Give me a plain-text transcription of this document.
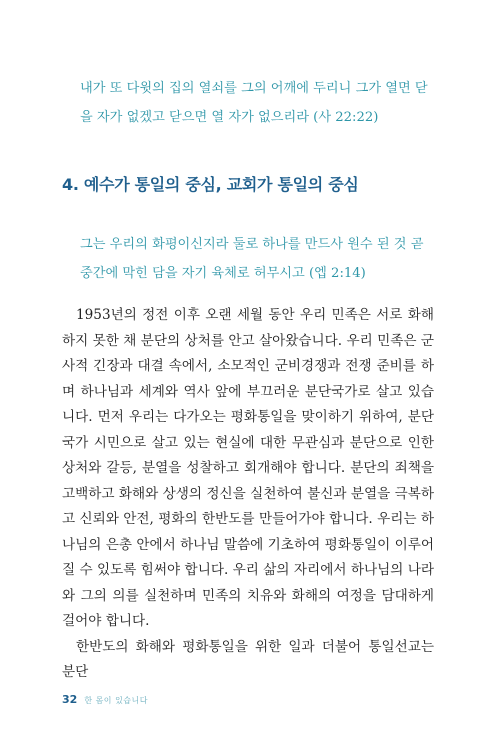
내가 또 다윗의 집의 열쇠를 그의 어깨에 두리니 그가 열면 닫을 자가 없겠고 닫으면 열 자가 없으리라 (사 22:22)

4. 예수가 통일의 중심, 교회가 통일의 중심

그는 우리의 화평이신지라 둘로 하나를 만드사 원수 된 것 곧 중간에 막힌 담을 자기 육체로 허무시고 (엡 2:14)

1953년의 정전 이후 오랜 세월 동안 우리 민족은 서로 화해하지 못한 채 분단의 상처를 안고 살아왔습니다. 우리 민족은 군사적 긴장과 대결 속에서, 소모적인 군비경쟁과 전쟁 준비를 하며 하나님과 세계와 역사 앞에 부끄러운 분단국가로 살고 있습니다. 먼저 우리는 다가오는 평화통일을 맞이하기 위하여, 분단국가 시민으로 살고 있는 현실에 대한 무관심과 분단으로 인한 상처와 갈등, 분열을 성찰하고 회개해야 합니다. 분단의 죄책을 고백하고 화해와 상생의 정신을 실천하여 불신과 분열을 극복하고 신뢰와 안전, 평화의 한반도를 만들어가야 합니다. 우리는 하나님의 은총 안에서 하나님 말씀에 기초하여 평화통일이 이루어질 수 있도록 힘써야 합니다. 우리 삶의 자리에서 하나님의 나라와 그의 의를 실천하며 민족의 치유와 화해의 여정을 담대하게 걸어야 합니다.

한반도의 화해와 평화통일을 위한 일과 더불어 통일선교는 분단

32 한 몸이 있습니다
